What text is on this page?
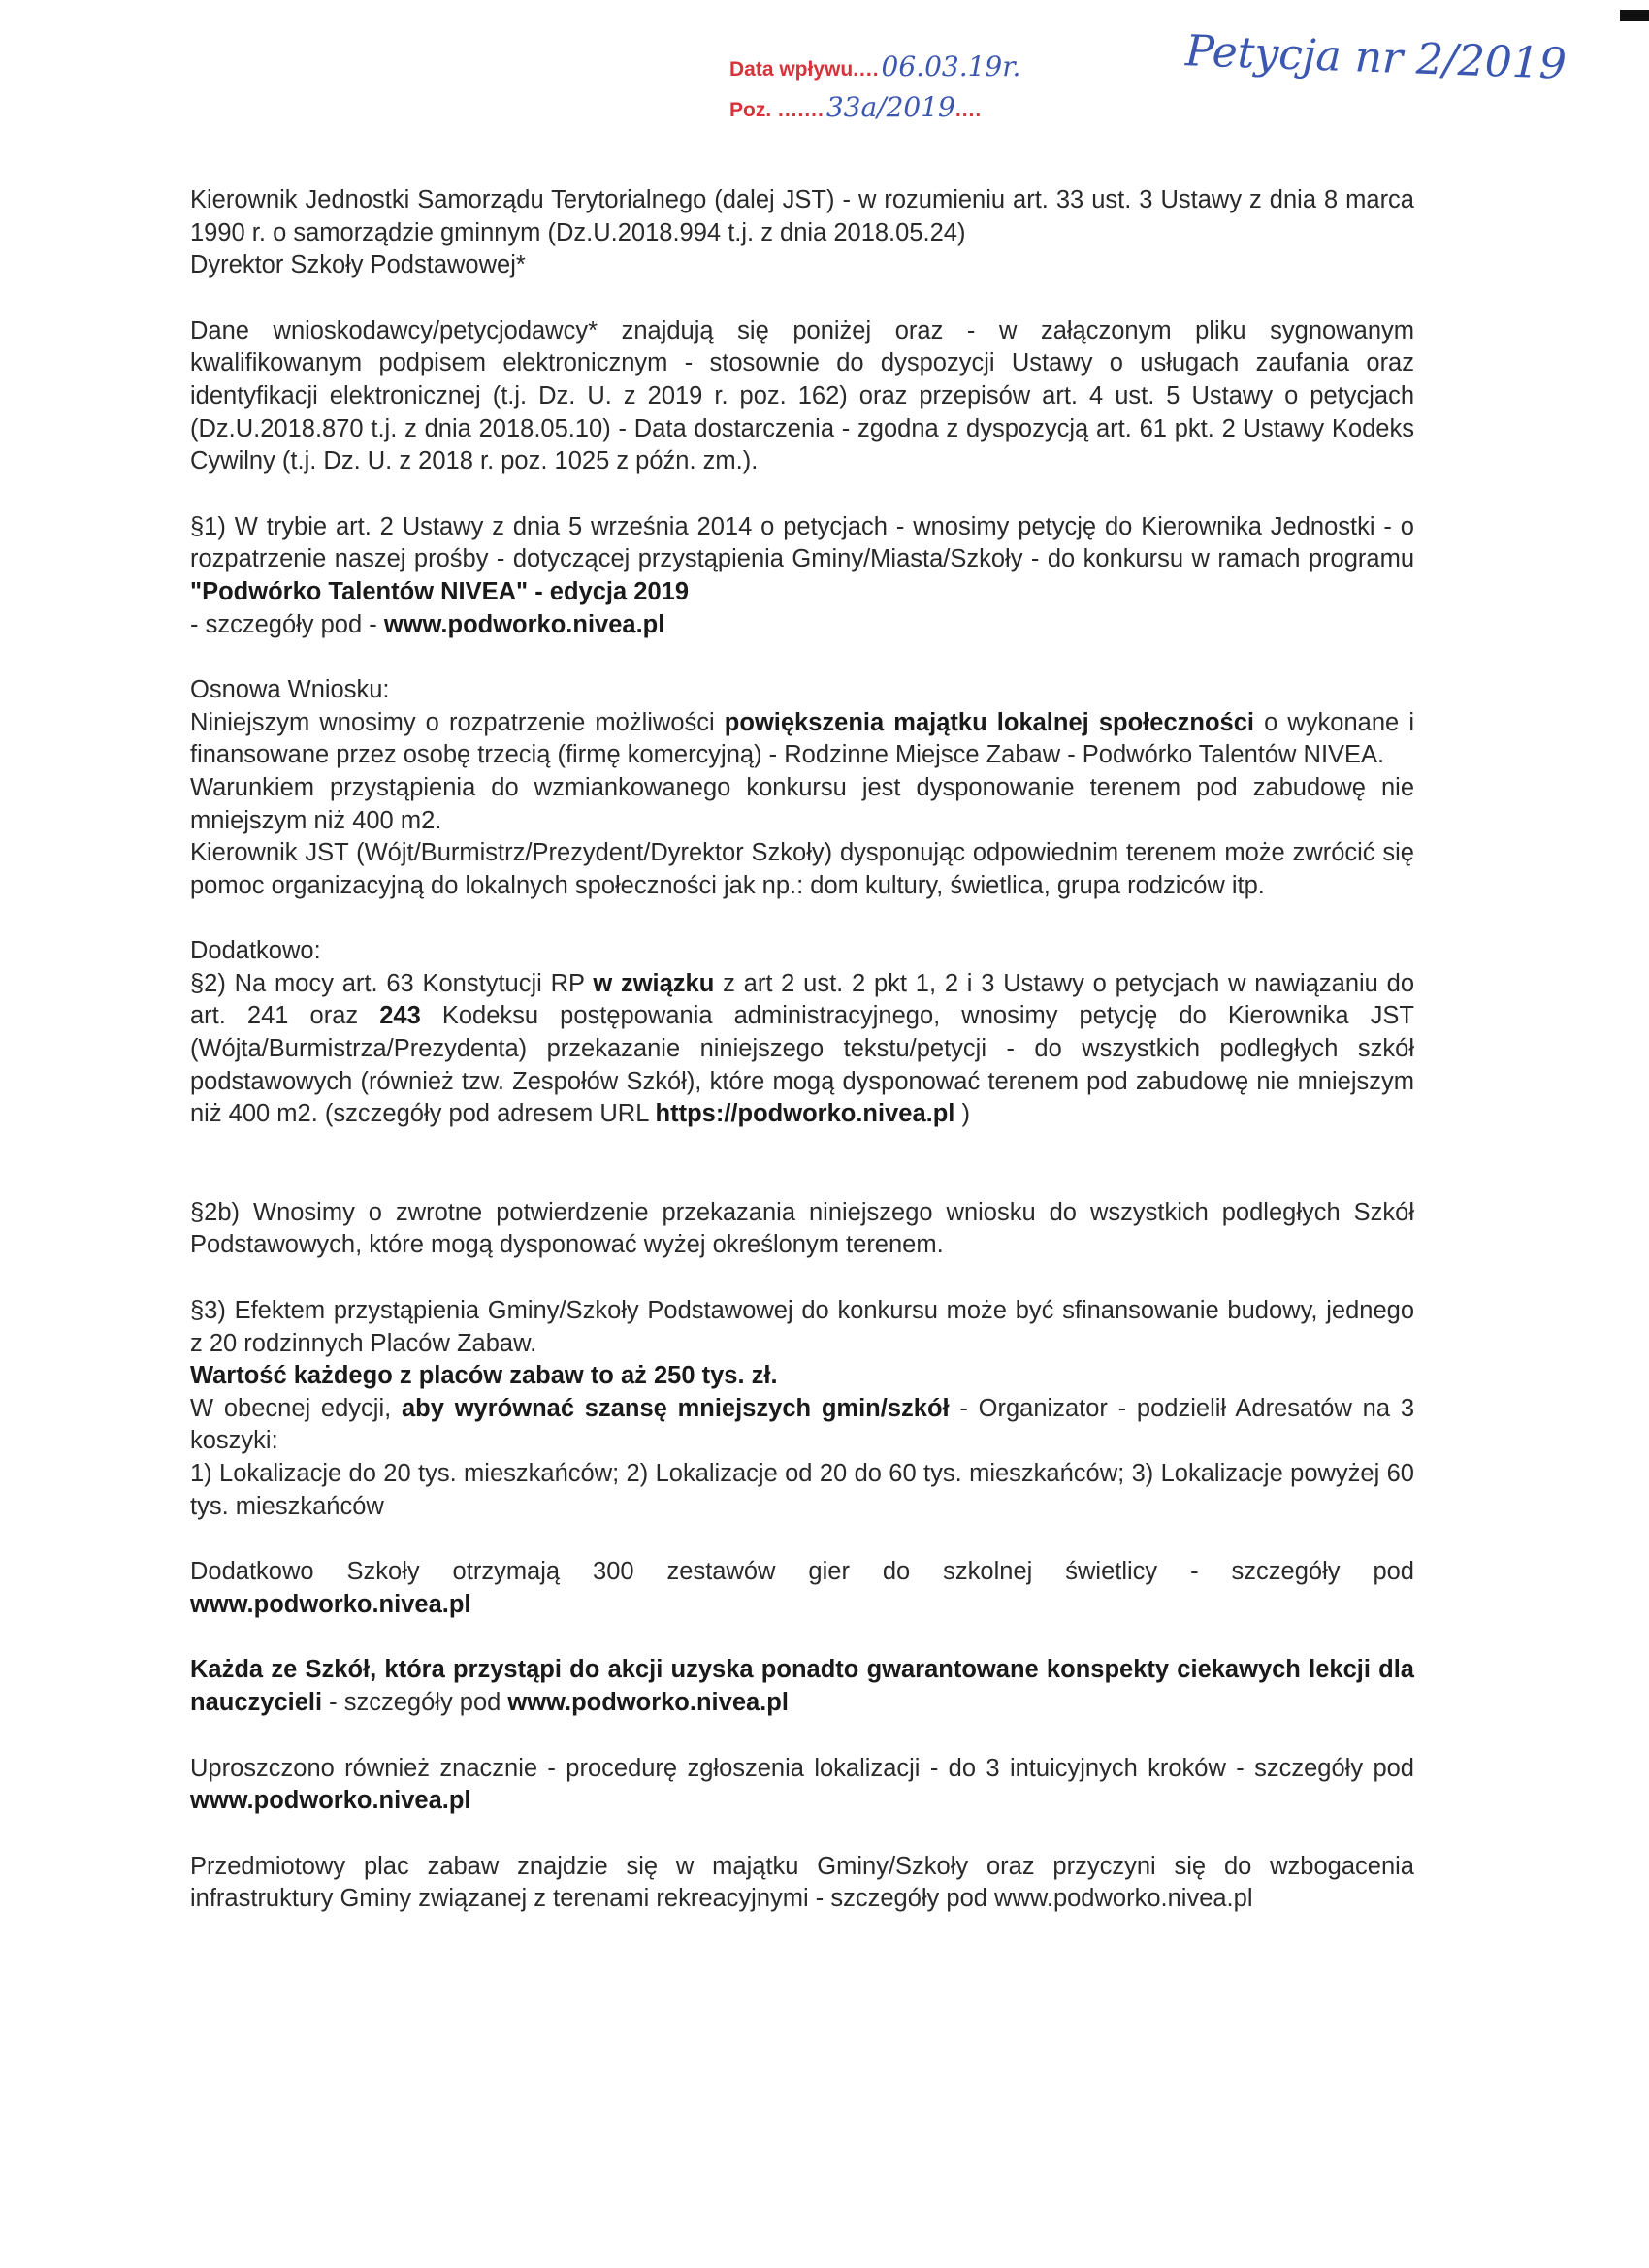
Data wpływu....06.03.19r.
Poz. .......33a/2019....
Petycja nr 2/2019

Kierownik Jednostki Samorządu Terytorialnego (dalej JST) - w rozumieniu art. 33 ust. 3 Ustawy z dnia 8 marca 1990 r. o samorządzie gminnym (Dz.U.2018.994 t.j. z dnia 2018.05.24)

Dyrektor Szkoły Podstawowej*

Dane wnioskodawcy/petycjodawcy* znajdują się poniżej oraz - w załączonym pliku sygnowanym kwalifikowanym podpisem elektronicznym - stosownie do dyspozycji Ustawy o usługach zaufania oraz identyfikacji elektronicznej (t.j. Dz. U. z 2019 r. poz. 162) oraz przepisów art. 4 ust. 5 Ustawy o petycjach (Dz.U.2018.870 t.j. z dnia 2018.05.10) - Data dostarczenia - zgodna z dyspozycją art. 61 pkt. 2 Ustawy Kodeks Cywilny (t.j. Dz. U. z 2018 r. poz. 1025 z późn. zm.).

§1) W trybie art. 2 Ustawy z dnia 5 września 2014 o petycjach - wnosimy petycję do Kierownika Jednostki - o rozpatrzenie naszej prośby - dotyczącej przystąpienia Gminy/Miasta/Szkoły - do konkursu w ramach programu "Podwórko Talentów NIVEA" - edycja 2019
- szczegóły pod - www.podworko.nivea.pl

Osnowa Wniosku:

Niniejszym wnosimy o rozpatrzenie możliwości powiększenia majątku lokalnej społeczności o wykonane i finansowane przez osobę trzecią (firmę komercyjną) - Rodzinne Miejsce Zabaw - Podwórko Talentów NIVEA.

Warunkiem przystąpienia do wzmiankowanego konkursu jest dysponowanie terenem pod zabudowę nie mniejszym niż 400 m2.

Kierownik JST (Wójt/Burmistrz/Prezydent/Dyrektor Szkoły) dysponując odpowiednim terenem może zwrócić się pomoc organizacyjną do lokalnych społeczności jak np.: dom kultury, świetlica, grupa rodziców itp.

Dodatkowo:

§2) Na mocy art. 63 Konstytucji RP w związku z art 2 ust. 2 pkt 1, 2 i 3 Ustawy o petycjach w nawiązaniu do art. 241 oraz 243 Kodeksu postępowania administracyjnego, wnosimy petycję do Kierownika JST (Wójta/Burmistrza/Prezydenta) przekazanie niniejszego tekstu/petycji - do wszystkich podległych szkół podstawowych (również tzw. Zespołów Szkół), które mogą dysponować terenem pod zabudowę nie mniejszym niż 400 m2. (szczegóły pod adresem URL https://podworko.nivea.pl )

§2b) Wnosimy o zwrotne potwierdzenie przekazania niniejszego wniosku do wszystkich podległych Szkół Podstawowych, które mogą dysponować wyżej określonym terenem.

§3) Efektem przystąpienia Gminy/Szkoły Podstawowej do konkursu może być sfinansowanie budowy, jednego z 20 rodzinnych Placów Zabaw.

Wartość każdego z placów zabaw to aż 250 tys. zł.

W obecnej edycji, aby wyrównać szansę mniejszych gmin/szkół - Organizator - podzielił Adresatów na 3 koszyki:

1) Lokalizacje do 20 tys. mieszkańców; 2) Lokalizacje od 20 do 60 tys. mieszkańców; 3) Lokalizacje powyżej 60 tys. mieszkańców

Dodatkowo Szkoły otrzymają 300 zestawów gier do szkolnej świetlicy - szczegóły pod www.podworko.nivea.pl

Każda ze Szkół, która przystąpi do akcji uzyska ponadto gwarantowane konspekty ciekawych lekcji dla nauczycieli - szczegóły pod www.podworko.nivea.pl

Uproszczono również znacznie - procedurę zgłoszenia lokalizacji - do 3 intuicyjnych kroków - szczegóły pod www.podworko.nivea.pl

Przedmiotowy plac zabaw znajdzie się w majątku Gminy/Szkoły oraz przyczyni się do wzbogacenia infrastruktury Gminy związanej z terenami rekreacyjnymi - szczegóły pod www.podworko.nivea.pl
